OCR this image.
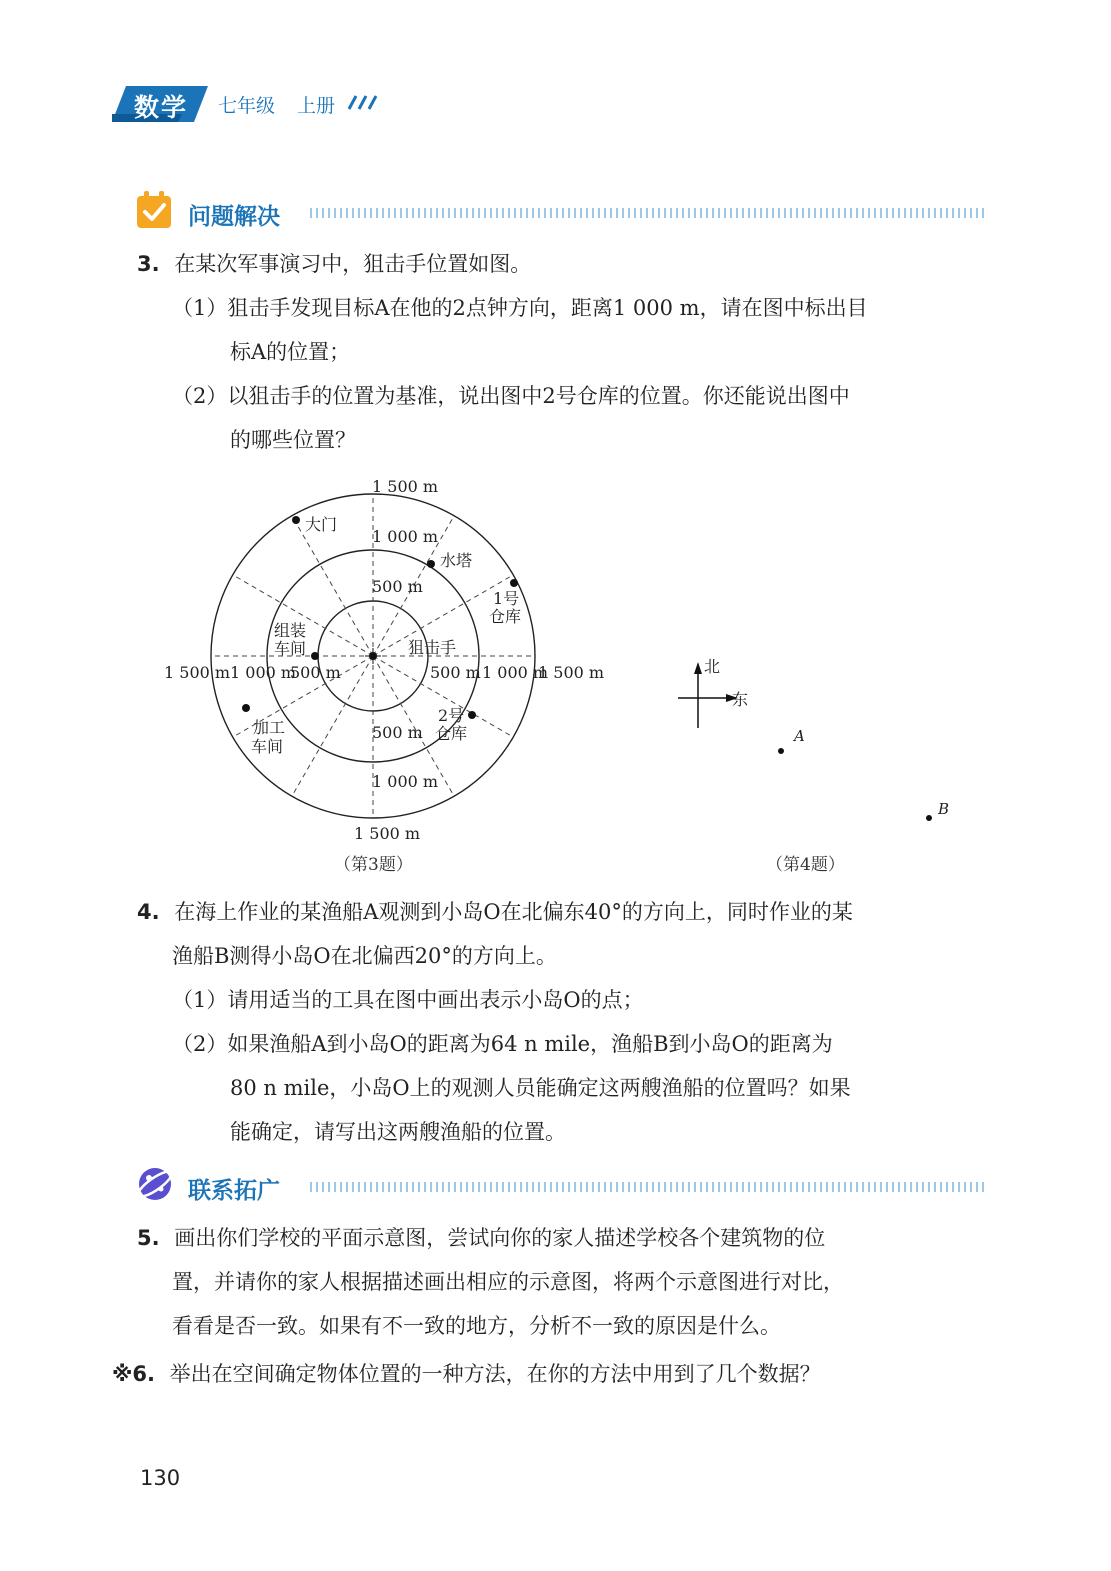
数学 七年级 上册
问题解决
3.  在某次军事演习中，狙击手位置如图。
（1）狙击手发现目标A在他的2点钟方向，距离1 000 m，请在图中标出目
标A的位置；
（2）以狙击手的位置为基准，说出图中2号仓库的位置。你还能说出图中
的哪些位置？
1 500 m
1 000 m
500 m
500 m
1 000 m
1 500 m
1 500 m 1 000 m
500 m	500 m 1 000 m
1 500 m
大门
水塔
1号
仓库
组装
车间	狙击手
加工
车间
2号
仓库
（第3题）
北
东
A
B
（第4题）
4.  在海上作业的某渔船A观测到小岛O在北偏东40°的方向上，同时作业的某
渔船B测得小岛O在北偏西20°的方向上。
（1）请用适当的工具在图中画出表示小岛O的点；
（2）如果渔船A到小岛O的距离为64 n mile，渔船B到小岛O的距离为
80 n mile，小岛O上的观测人员能确定这两艘渔船的位置吗？如果
能确定，请写出这两艘渔船的位置。
联系拓广
5.  画出你们学校的平面示意图，尝试向你的家人描述学校各个建筑物的位
置，并请你的家人根据描述画出相应的示意图，将两个示意图进行对比，
看看是否一致。如果有不一致的地方，分析不一致的原因是什么。
※6.  举出在空间确定物体位置的一种方法，在你的方法中用到了几个数据？
130
